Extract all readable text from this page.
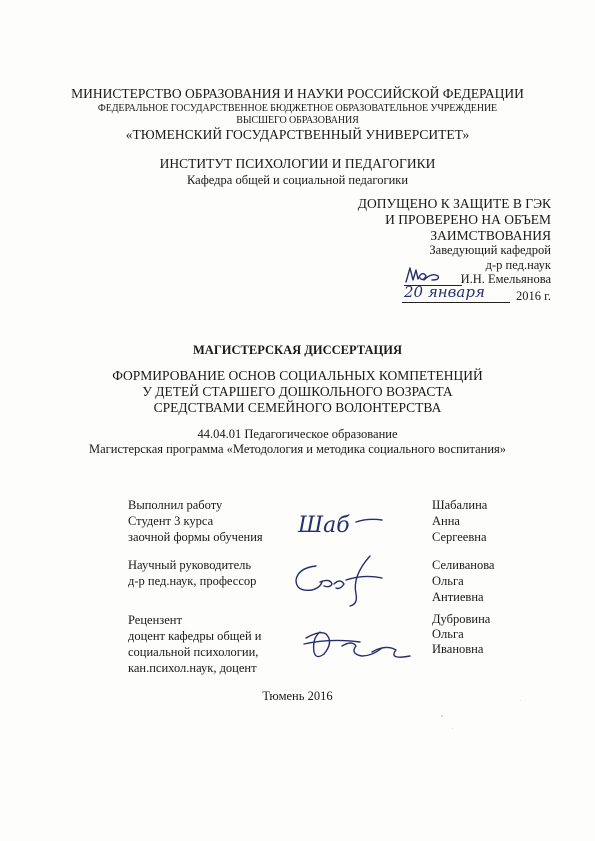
МИНИСТЕРСТВО ОБРАЗОВАНИЯ И НАУКИ РОССИЙСКОЙ ФЕДЕРАЦИИ
ФЕДЕРАЛЬНОЕ ГОСУДАРСТВЕННОЕ БЮДЖЕТНОЕ ОБРАЗОВАТЕЛЬНОЕ УЧРЕЖДЕНИЕ
ВЫСШЕГО ОБРАЗОВАНИЯ
«ТЮМЕНСКИЙ ГОСУДАРСТВЕННЫЙ УНИВЕРСИТЕТ»
ИНСТИТУТ ПСИХОЛОГИИ И ПЕДАГОГИКИ
Кафедра общей и социальной педагогики
ДОПУЩЕНО К ЗАЩИТЕ В ГЭК
И ПРОВЕРЕНО НА ОБЪЕМ
ЗАИМСТВОВАНИЯ
Заведующий кафедрой
д-р пед.наук
И.Н. Емельянова
2016 г.
20 января
МАГИСТЕРСКАЯ ДИССЕРТАЦИЯ
ФОРМИРОВАНИЕ ОСНОВ СОЦИАЛЬНЫХ КОМПЕТЕНЦИЙ
У ДЕТЕЙ СТАРШЕГО ДОШКОЛЬНОГО ВОЗРАСТА
СРЕДСТВАМИ СЕМЕЙНОГО ВОЛОНТЕРСТВА
44.04.01 Педагогическое образование
Магистерская программа «Методология и методика социального воспитания»
Выполнил работу
Студент 3 курса
заочной формы обучения
Шабалина
Анна
Сергеевна
Шаб
Научный руководитель
д-р пед.наук, профессор
Селиванова
Ольга
Антиевна
Рецензент
доцент кафедры общей и
социальной психологии,
кан.психол.наук, доцент
Дубровина
Ольга
Ивановна
Тюмень 2016
